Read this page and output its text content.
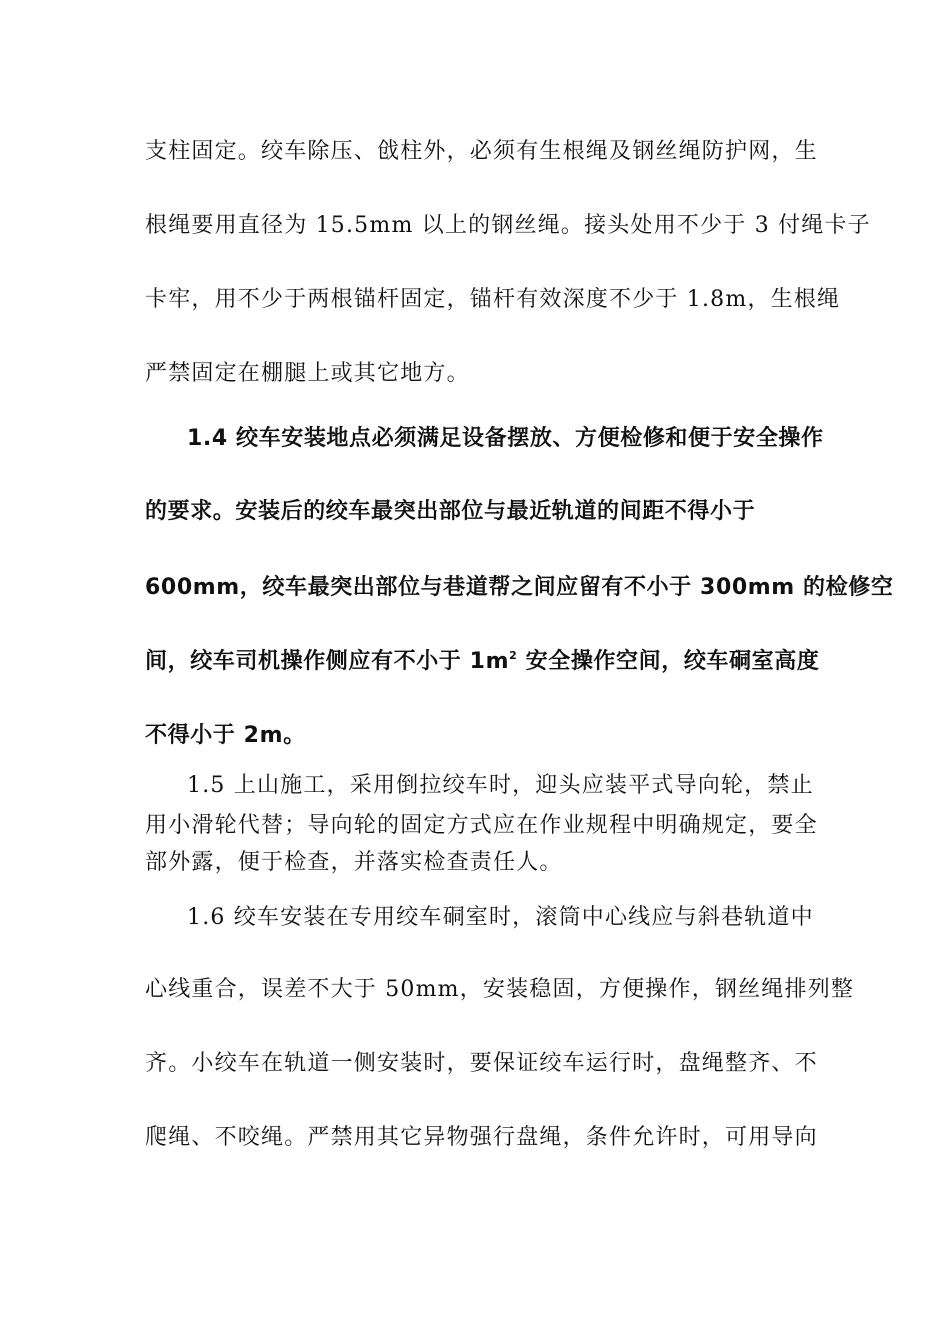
支柱固定。绞车除压、戗柱外，必须有生根绳及钢丝绳防护网，生
根绳要用直径为 15.5mm 以上的钢丝绳。接头处用不少于 3 付绳卡子
卡牢，用不少于两根锚杆固定，锚杆有效深度不少于 1.8m，生根绳
严禁固定在棚腿上或其它地方。
1.4 绞车安装地点必须满足设备摆放、方便检修和便于安全操作
的要求。安装后的绞车最突出部位与最近轨道的间距不得小于
600mm，绞车最突出部位与巷道帮之间应留有不小于 300mm 的检修空
间，绞车司机操作侧应有不小于 $1m^2$ 安全操作空间，绞车硐室高度
不得小于 2m。
1.5 上山施工，采用倒拉绞车时，迎头应装平式导向轮，禁止
用小滑轮代替；导向轮的固定方式应在作业规程中明确规定，要全
部外露，便于检查，并落实检查责任人。
1.6 绞车安装在专用绞车硐室时，滚筒中心线应与斜巷轨道中
心线重合，误差不大于 50mm，安装稳固，方便操作，钢丝绳排列整
齐。小绞车在轨道一侧安装时，要保证绞车运行时，盘绳整齐、不
爬绳、不咬绳。严禁用其它异物强行盘绳，条件允许时，可用导向
